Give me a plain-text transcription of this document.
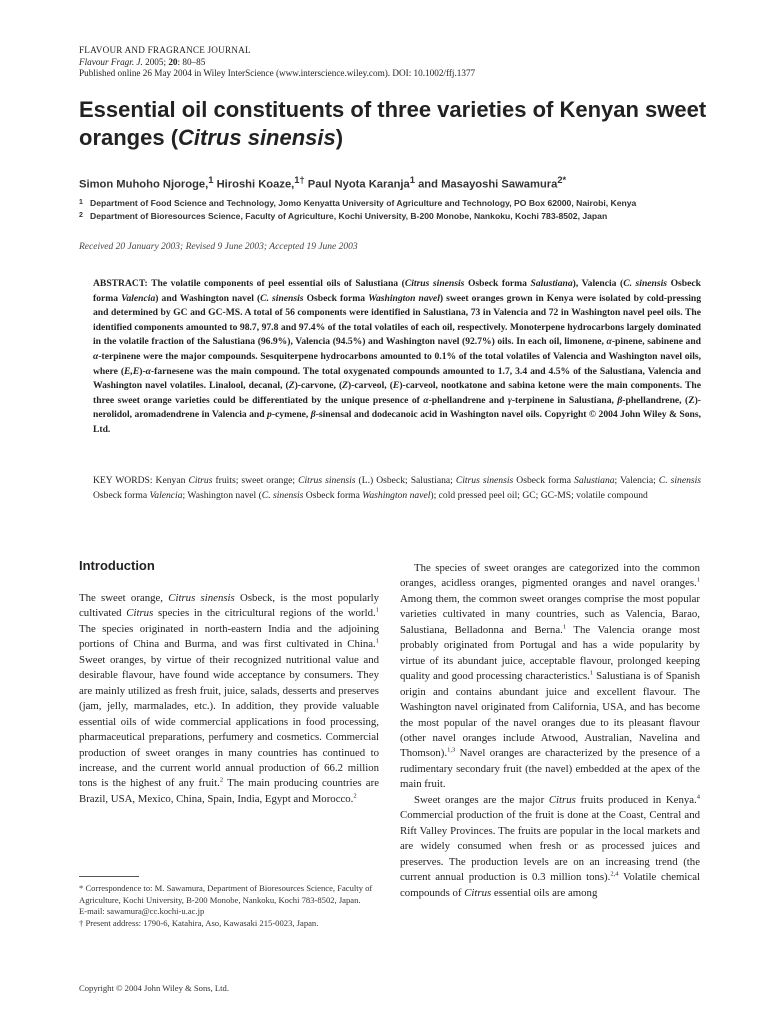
FLAVOUR AND FRAGRANCE JOURNAL
Flavour Fragr. J. 2005; 20: 80–85
Published online 26 May 2004 in Wiley InterScience (www.interscience.wiley.com). DOI: 10.1002/ffj.1377
Essential oil constituents of three varieties of Kenyan sweet oranges (Citrus sinensis)
Simon Muhoho Njoroge,$^1$ Hiroshi Koaze,$^{1\dagger}$ Paul Nyota Karanja$^1$ and Masayoshi Sawamura$^{2*}$
1 Department of Food Science and Technology, Jomo Kenyatta University of Agriculture and Technology, PO Box 62000, Nairobi, Kenya
2 Department of Bioresources Science, Faculty of Agriculture, Kochi University, B-200 Monobe, Nankoku, Kochi 783-8502, Japan
Received 20 January 2003; Revised 9 June 2003; Accepted 19 June 2003
ABSTRACT: The volatile components of peel essential oils of Salustiana (Citrus sinensis Osbeck forma Salustiana), Valencia (C. sinensis Osbeck forma Valencia) and Washington navel (C. sinensis Osbeck forma Washington navel) sweet oranges grown in Kenya were isolated by cold-pressing and determined by GC and GC-MS. A total of 56 components were identified in Salustiana, 73 in Valencia and 72 in Washington navel peel oils. The identified components amounted to 98.7, 97.8 and 97.4% of the total volatiles of each oil, respectively. Monoterpene hydrocarbons largely dominated in the volatile fraction of the Salustiana (96.9%), Valencia (94.5%) and Washington navel (92.7%) oils. In each oil, limonene, α-pinene, sabinene and α-terpinene were the major compounds. Sesquiterpene hydrocarbons amounted to 0.1% of the total volatiles of Valencia and Washington navel oils, where (E,E)-α-farnesene was the main compound. The total oxygenated compounds amounted to 1.7, 3.4 and 4.5% of the Salustiana, Valencia and Washington navel volatiles. Linalool, decanal, (Z)-carvone, (Z)-carveol, (E)-carveol, nootkatone and sabina ketone were the main components. The three sweet orange varieties could be differentiated by the unique presence of α-phellandrene and γ-terpinene in Salustiana, β-phellandrene, (Z)-nerolidol, aromadendrene in Valencia and p-cymene, β-sinensal and dodecanoic acid in Washington navel oils. Copyright © 2004 John Wiley & Sons, Ltd.
KEY WORDS: Kenyan Citrus fruits; sweet orange; Citrus sinensis (L.) Osbeck; Salustiana; Citrus sinensis Osbeck forma Salustiana; Valencia; C. sinensis Osbeck forma Valencia; Washington navel (C. sinensis Osbeck forma Washington navel); cold pressed peel oil; GC; GC-MS; volatile compound
Introduction

The sweet orange, Citrus sinensis Osbeck, is the most popularly cultivated Citrus species in the citricultural regions of the world.$^1$ The species originated in north-eastern India and the adjoining portions of China and Burma, and was first cultivated in China.$^1$ Sweet oranges, by virtue of their recognized nutritional value and desirable flavour, have found wide acceptance by consumers. They are mainly utilized as fresh fruit, juice, salads, desserts and preserves (jam, jelly, marmalades, etc.). In addition, they provide valuable essential oils of wide commercial applications in food processing, pharmaceutical preparations, perfumery and cosmetics. Commercial production of sweet oranges in many countries has continued to increase, and the current world annual production of 66.2 million tons is the highest of any fruit.$^2$ The main producing countries are Brazil, USA, Mexico, China, Spain, India, Egypt and Morocco.$^2$

The species of sweet oranges are categorized into the common oranges, acidless oranges, pigmented oranges and navel oranges.$^1$ Among them, the common sweet oranges comprise the most popular varieties cultivated in many countries, such as Valencia, Barao, Salustiana, Belladonna and Berna.$^1$ The Valencia orange most probably originated from Portugal and has a wide popularity by virtue of its abundant juice, acceptable flavour, prolonged keeping quality and good processing characteristics.$^1$ Salustiana is of Spanish origin and contains abundant juice and excellent flavour. The Washington navel originated from California, USA, and has become the most popular of the navel oranges due to its pleasant flavour (other navel oranges include Atwood, Australian, Navelina and Thomson).$^{1,3}$ Navel oranges are characterized by the presence of a rudimentary secondary fruit (the navel) embedded at the apex of the main fruit.

Sweet oranges are the major Citrus fruits produced in Kenya.$^4$ Commercial production of the fruit is done at the Coast, Central and Rift Valley Provinces. The fruits are popular in the local markets and are widely consumed when fresh or as processed juices and preserves. The production levels are on an increasing trend (the current annual production is 0.3 million tons).$^{2,4}$ Volatile chemical compounds of Citrus essential oils are among

* Correspondence to: M. Sawamura, Department of Bioresources Science, Faculty of Agriculture, Kochi University, B-200 Monobe, Nankoku, Kochi 783-8502, Japan.
E-mail: sawamura@cc.kochi-u.ac.jp
† Present address: 1790-6, Katahira, Aso, Kawasaki 215-0023, Japan.
Copyright © 2004 John Wiley & Sons, Ltd.
